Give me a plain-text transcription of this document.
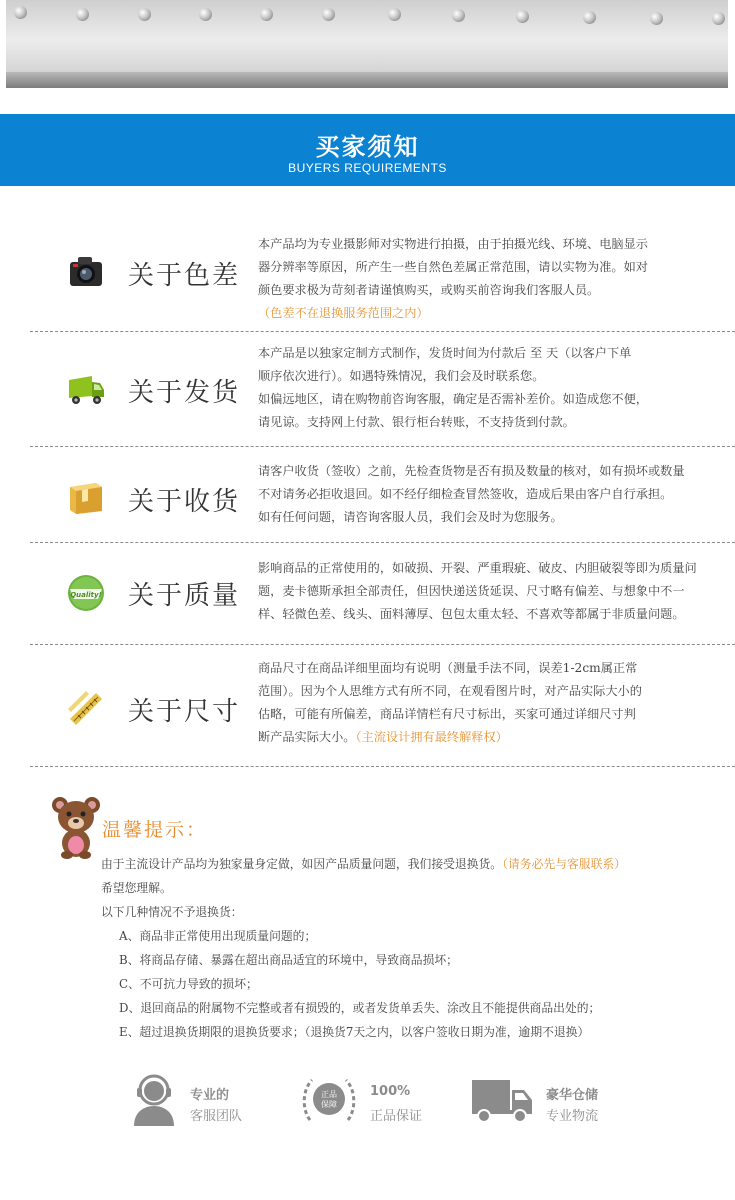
买家须知
BUYERS REQUIREMENTS
关于色差

本产品均为专业摄影师对实物进行拍摄，由于拍摄光线、环境、电脑显示

器分辨率等原因，所产生一些自然色差属正常范围，请以实物为准。如对

颜色要求极为苛刻者请谨慎购买，或购买前咨询我们客服人员。

（色差不在退换服务范围之内）

关于发货

本产品是以独家定制方式制作，发货时间为付款后 至 天（以客户下单

顺序依次进行）。如遇特殊情况，我们会及时联系您。

如偏远地区，请在购物前咨询客服，确定是否需补差价。如造成您不便，

请见谅。支持网上付款、银行柜台转账，不支持货到付款。

关于收货

请客户收货（签收）之前，先检查货物是否有损及数量的核对，如有损坏或数量

不对请务必拒收退回。如不经仔细检查冒然签收，造成后果由客户自行承担。

如有任何问题，请咨询客服人员，我们会及时为您服务。

Quality! 关于质量

影响商品的正常使用的，如破损、开裂、严重瑕疵、破皮、内胆破裂等即为质量问

题，麦卡德斯承担全部责任，但因快递送货延误、尺寸略有偏差、与想象中不一

样、轻微色差、线头、面料薄厚、包包太重太轻、不喜欢等都属于非质量问题。

关于尺寸

商品尺寸在商品详细里面均有说明（测量手法不同，误差1-2cm属正常

范围）。因为个人思维方式有所不同，在观看图片时，对产品实际大小的

估略，可能有所偏差，商品详情栏有尺寸标出，买家可通过详细尺寸判

断产品实际大小。（主流设计拥有最终解释权）

温馨提示：

由于主流设计产品均为独家量身定做，如因产品质量问题，我们接受退换货。（请务必先与客服联系）

希望您理解。

以下几种情况不予退换货：

A、商品非正常使用出现质量问题的；

B、将商品存储、暴露在超出商品适宜的环境中，导致商品损坏；

C、不可抗力导致的损坏；

D、退回商品的附属物不完整或者有损毁的，或者发货单丢失、涂改且不能提供商品出处的；

E、超过退换货期限的退换货要求；（退换货7天之内，以客户签收日期为准，逾期不退换）

专业的
客服团队
正品
保障
100%
正品保证
豪华仓储
专业物流
